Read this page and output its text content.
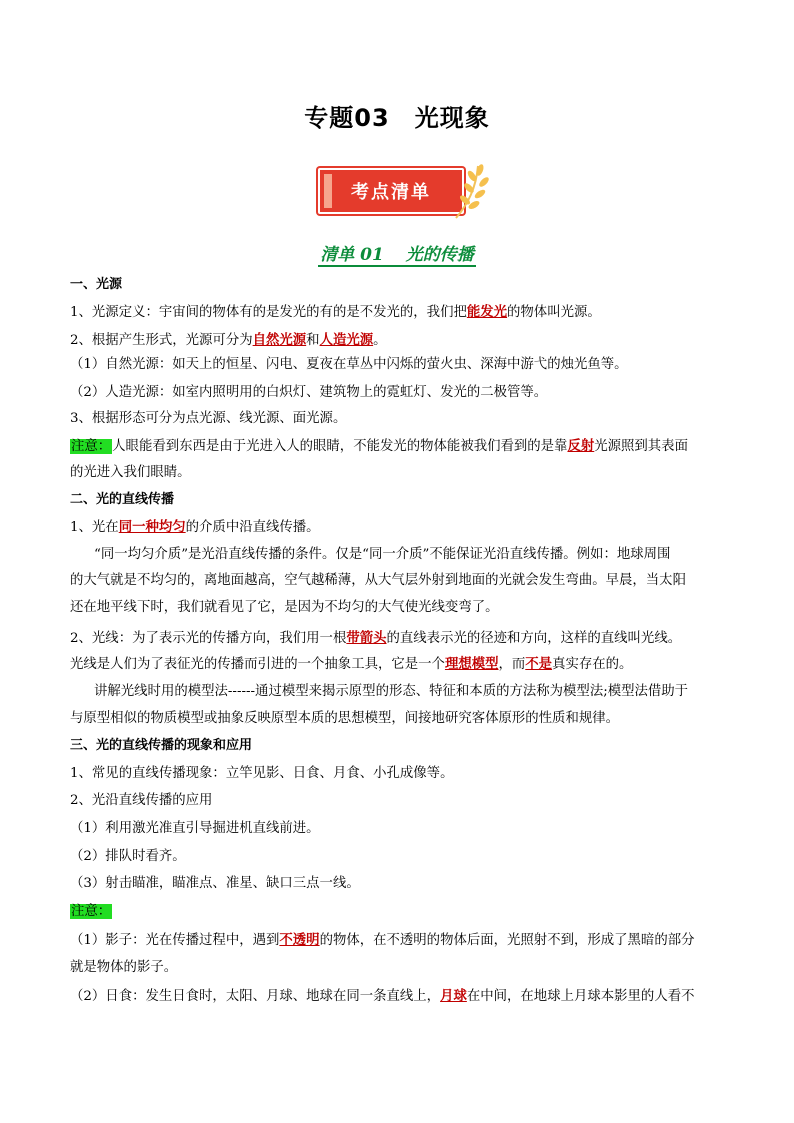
专题03　光现象
考点清单
清单 01 光的传播
一、光源
1、光源定义：宇宙间的物体有的是发光的有的是不发光的，我们把能发光的物体叫光源。
2、根据产生形式，光源可分为自然光源和人造光源。
（1）自然光源：如天上的恒星、闪电、夏夜在草丛中闪烁的萤火虫、深海中游弋的烛光鱼等。
（2）人造光源：如室内照明用的白炽灯、建筑物上的霓虹灯、发光的二极管等。
3、根据形态可分为点光源、线光源、面光源。
注意：人眼能看到东西是由于光进入人的眼睛，不能发光的物体能被我们看到的是靠反射光源照到其表面
的光进入我们眼睛。
二、光的直线传播
1、光在同一种均匀的介质中沿直线传播。
“同一均匀介质”是光沿直线传播的条件。仅是“同一介质”不能保证光沿直线传播。例如：地球周围
的大气就是不均匀的，离地面越高，空气越稀薄，从大气层外射到地面的光就会发生弯曲。早晨，当太阳
还在地平线下时，我们就看见了它，是因为不均匀的大气使光线变弯了。
2、光线：为了表示光的传播方向，我们用一根带箭头的直线表示光的径迹和方向，这样的直线叫光线。
光线是人们为了表征光的传播而引进的一个抽象工具，它是一个理想模型，而不是真实存在的。
讲解光线时用的模型法------通过模型来揭示原型的形态、特征和本质的方法称为模型法;模型法借助于
与原型相似的物质模型或抽象反映原型本质的思想模型，间接地研究客体原形的性质和规律。
三、光的直线传播的现象和应用
1、常见的直线传播现象：立竿见影、日食、月食、小孔成像等。
2、光沿直线传播的应用
（1）利用激光准直引导掘进机直线前进。
（2）排队时看齐。
（3）射击瞄准，瞄准点、准星、缺口三点一线。
注意：
（1）影子：光在传播过程中，遇到不透明的物体，在不透明的物体后面，光照射不到，形成了黑暗的部分
就是物体的影子。
（2）日食：发生日食时，太阳、月球、地球在同一条直线上，月球在中间，在地球上月球本影里的人看不
